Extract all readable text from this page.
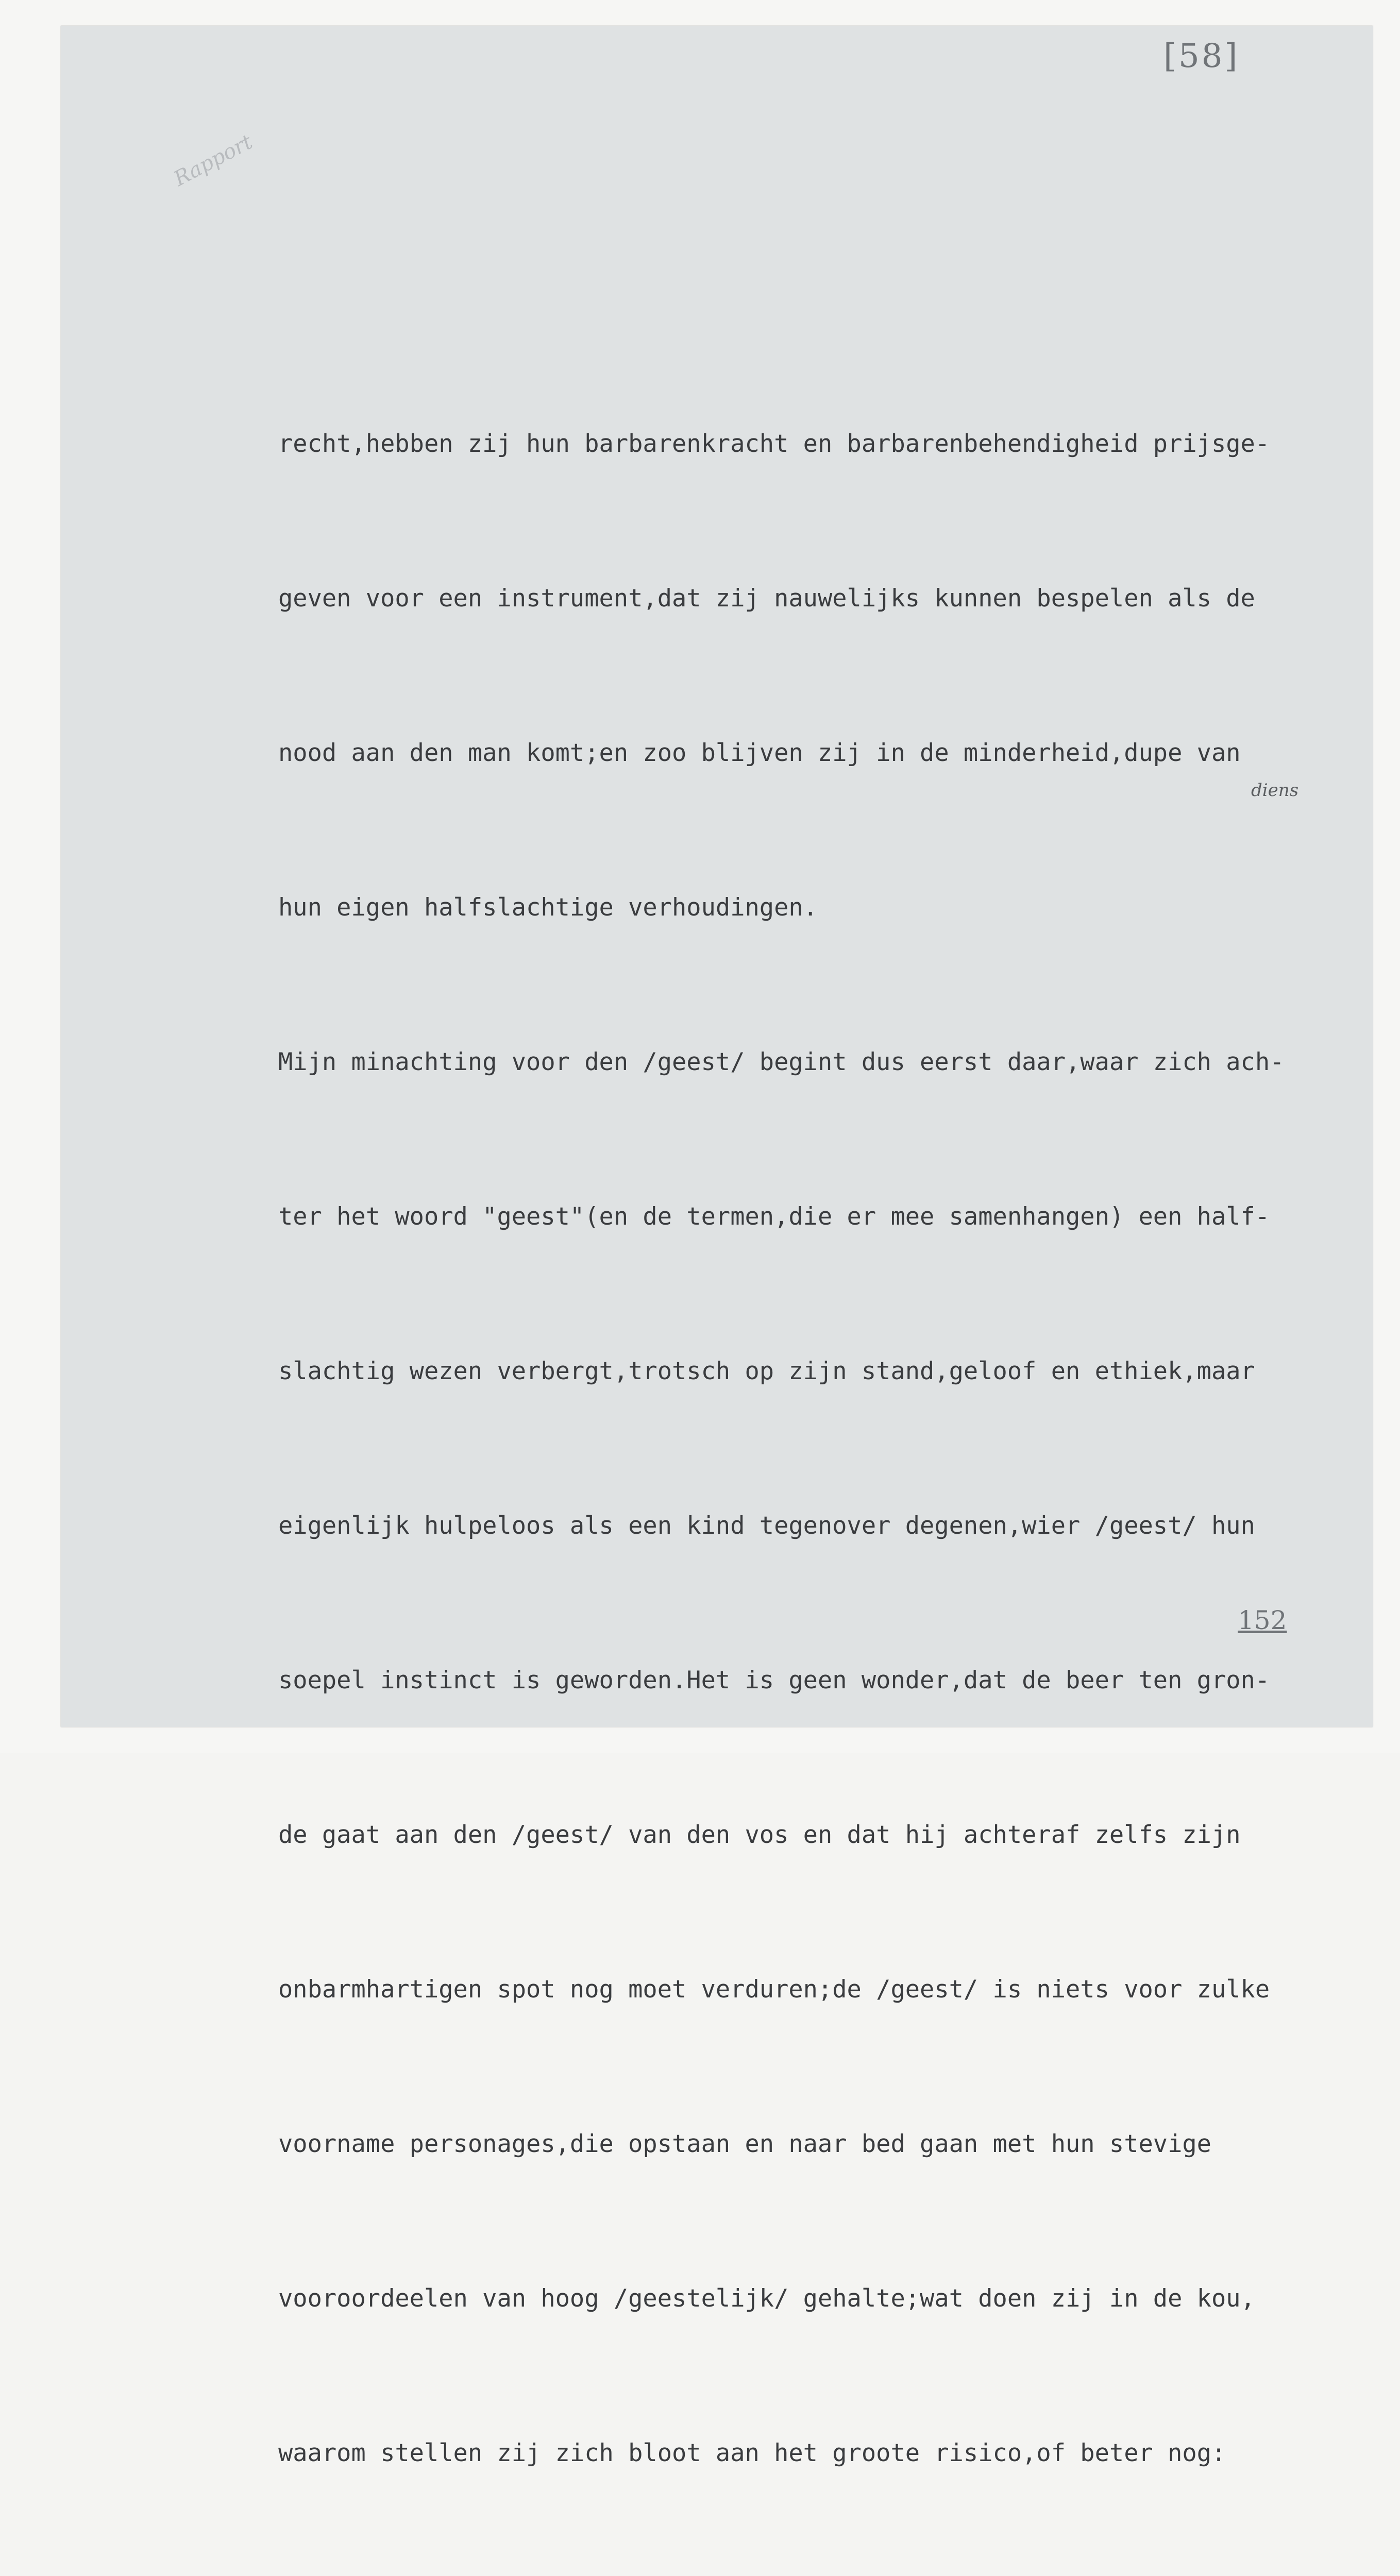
[58]
Rapport
152
diens

recht,hebben zij hun barbarenkracht en barbarenbehendigheid prijsge-

geven voor een instrument,dat zij nauwelijks kunnen bespelen als de

nood aan den man komt;en zoo blijven zij in de minderheid,dupe van

hun eigen halfslachtige verhoudingen.

Mijn minachting voor den /geest/ begint dus eerst daar,waar zich ach-

ter het woord "geest"(en de termen,die er mee samenhangen) een half-

slachtig wezen verbergt,trotsch op zijn stand,geloof en ethiek,maar

eigenlijk hulpeloos als een kind tegenover degenen,wier /geest/ hun

soepel instinct is geworden.Het is geen wonder,dat de beer ten gron-

de gaat aan den /geest/ van den vos en dat hij achteraf zelfs zijn

onbarmhartigen spot nog moet verduren;de /geest/ is niets voor zulke

voorname personages,die opstaan en naar bed gaan met hun stevige

vooroordeelen van hoog /geestelijk/ gehalte;wat doen zij in de kou,

waarom stellen zij zich bloot aan het groote risico,of beter nog:
